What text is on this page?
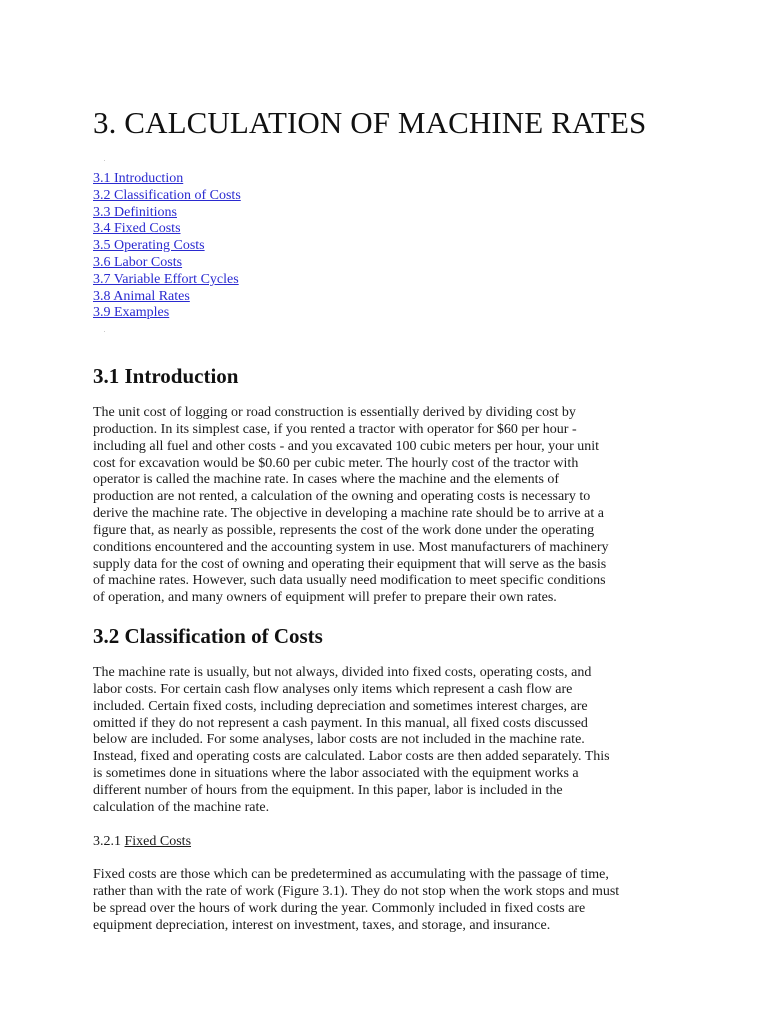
3. CALCULATION OF MACHINE RATES
3.1 Introduction
3.2 Classification of Costs
3.3 Definitions
3.4 Fixed Costs
3.5 Operating Costs
3.6 Labor Costs
3.7 Variable Effort Cycles
3.8 Animal Rates
3.9 Examples
3.1 Introduction

The unit cost of logging or road construction is essentially derived by dividing cost by
production. In its simplest case, if you rented a tractor with operator for $60 per hour -
including all fuel and other costs - and you excavated 100 cubic meters per hour, your unit
cost for excavation would be $0.60 per cubic meter. The hourly cost of the tractor with
operator is called the machine rate. In cases where the machine and the elements of
production are not rented, a calculation of the owning and operating costs is necessary to
derive the machine rate. The objective in developing a machine rate should be to arrive at a
figure that, as nearly as possible, represents the cost of the work done under the operating
conditions encountered and the accounting system in use. Most manufacturers of machinery
supply data for the cost of owning and operating their equipment that will serve as the basis
of machine rates. However, such data usually need modification to meet specific conditions
of operation, and many owners of equipment will prefer to prepare their own rates.

3.2 Classification of Costs

The machine rate is usually, but not always, divided into fixed costs, operating costs, and
labor costs. For certain cash flow analyses only items which represent a cash flow are
included. Certain fixed costs, including depreciation and sometimes interest charges, are
omitted if they do not represent a cash payment. In this manual, all fixed costs discussed
below are included. For some analyses, labor costs are not included in the machine rate.
Instead, fixed and operating costs are calculated. Labor costs are then added separately. This
is sometimes done in situations where the labor associated with the equipment works a
different number of hours from the equipment. In this paper, labor is included in the
calculation of the machine rate.

3.2.1 Fixed Costs

Fixed costs are those which can be predetermined as accumulating with the passage of time,
rather than with the rate of work (Figure 3.1). They do not stop when the work stops and must
be spread over the hours of work during the year. Commonly included in fixed costs are
equipment depreciation, interest on investment, taxes, and storage, and insurance.
